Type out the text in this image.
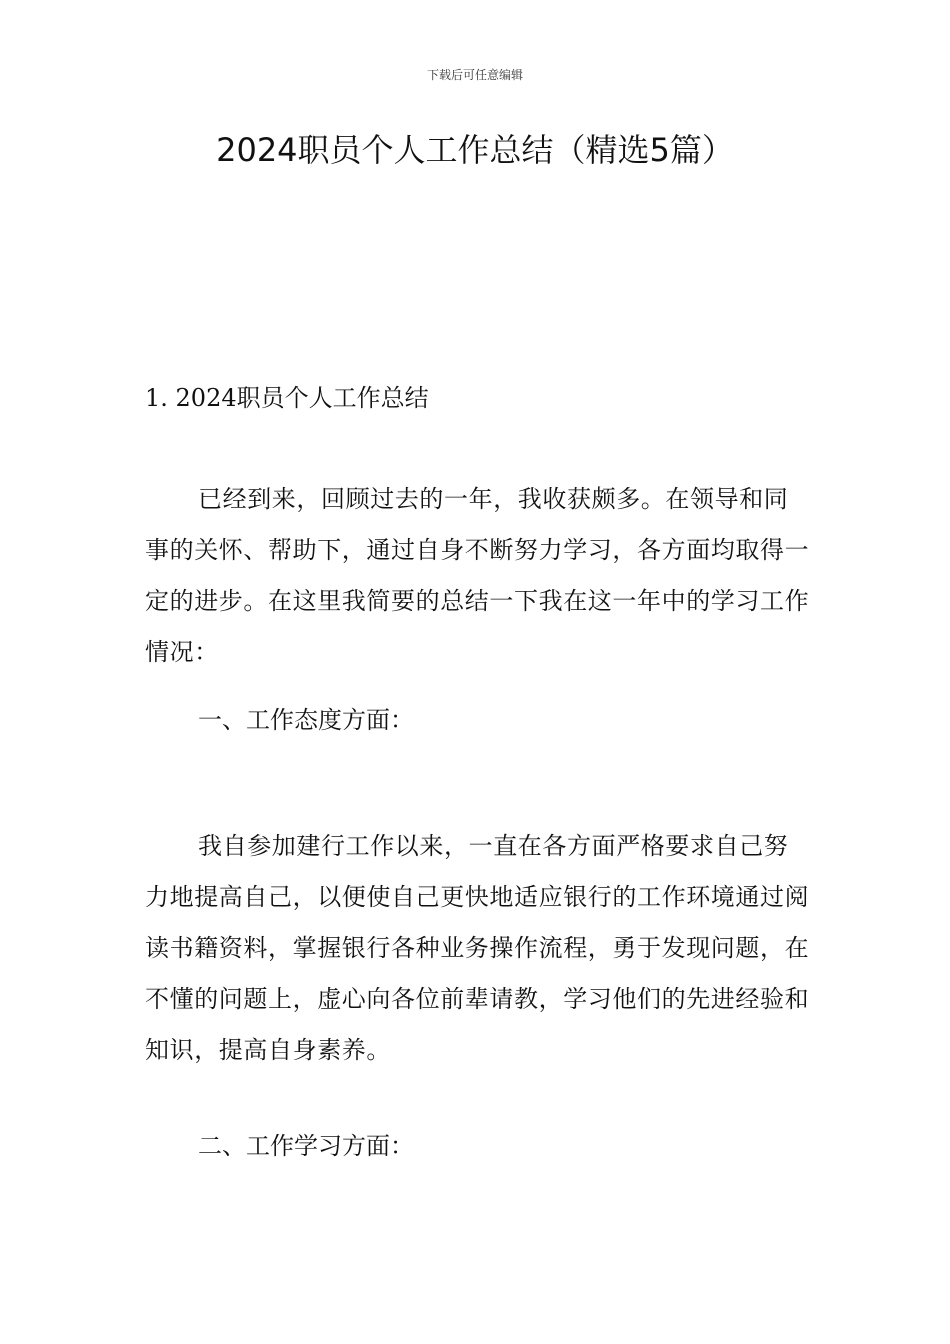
下载后可任意编辑
2024职员个人工作总结（精选5篇）
1. 2024职员个人工作总结

已经到来，回顾过去的一年，我收获颇多。在领导和同事的关怀、帮助下，通过自身不断努力学习，各方面均取得一定的进步。在这里我简要的总结一下我在这一年中的学习工作情况：

一、工作态度方面：

我自参加建行工作以来，一直在各方面严格要求自己努力地提高自己，以便使自己更快地适应银行的工作环境通过阅读书籍资料，掌握银行各种业务操作流程，勇于发现问题，在不懂的问题上，虚心向各位前辈请教，学习他们的先进经验和知识，提高自身素养。

二、工作学习方面：
